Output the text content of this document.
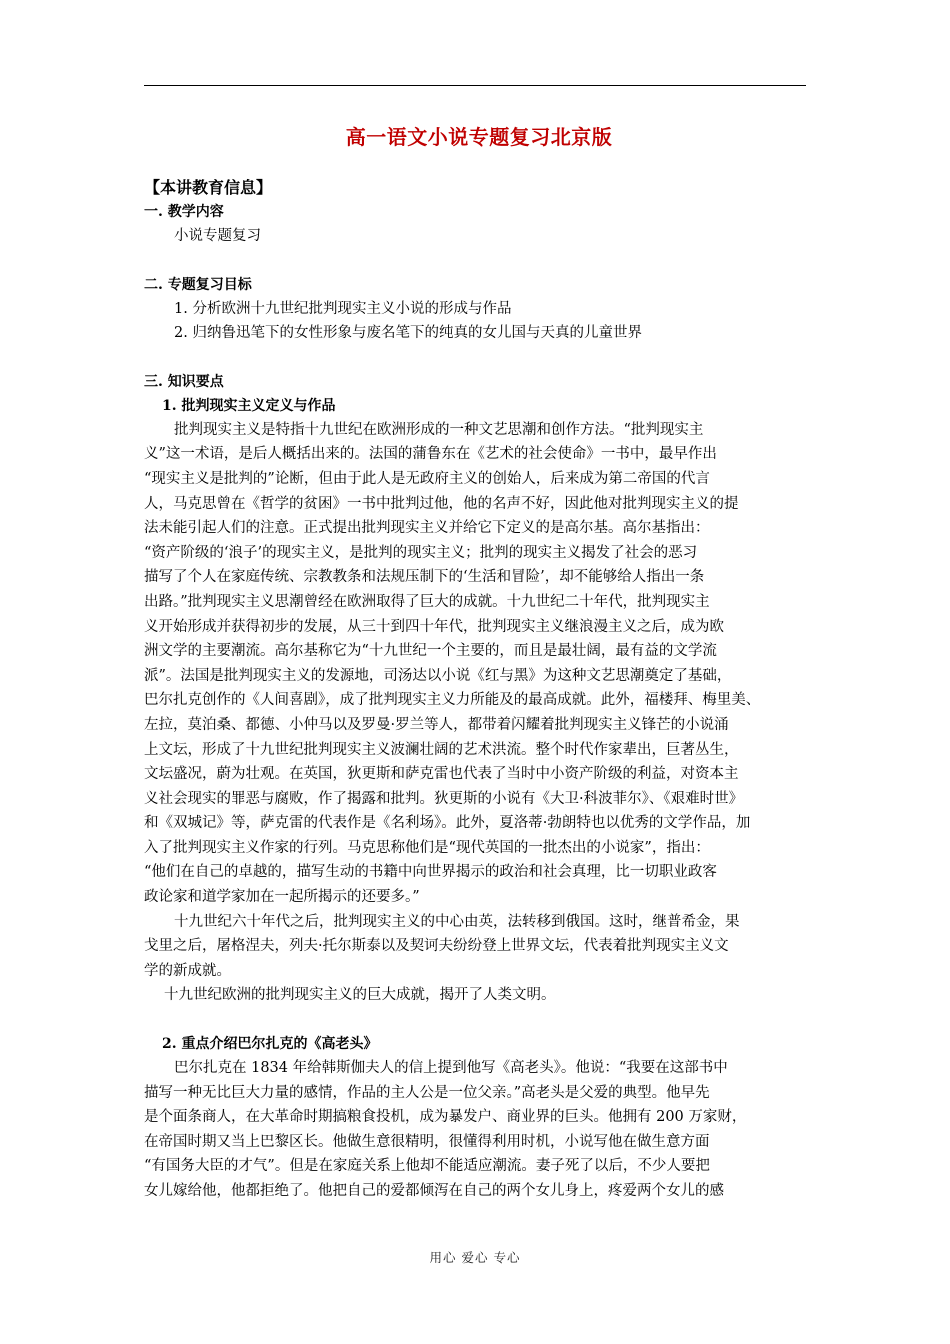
高一语文小说专题复习北京版
【本讲教育信息】
一. 教学内容
小说专题复习
二. 专题复习目标
1. 分析欧洲十九世纪批判现实主义小说的形成与作品
2. 归纳鲁迅笔下的女性形象与废名笔下的纯真的女儿国与天真的儿童世界
三. 知识要点
1. 批判现实主义定义与作品
批判现实主义是特指十九世纪在欧洲形成的一种文艺思潮和创作方法。“批判现实主
义”这一术语，是后人概括出来的。法国的蒲鲁东在《艺术的社会使命》一书中，最早作出
“现实主义是批判的”论断，但由于此人是无政府主义的创始人，后来成为第二帝国的代言
人，马克思曾在《哲学的贫困》一书中批判过他，他的名声不好，因此他对批判现实主义的提
法未能引起人们的注意。正式提出批判现实主义并给它下定义的是高尔基。高尔基指出：
“资产阶级的‘浪子’的现实主义，是批判的现实主义；批判的现实主义揭发了社会的恶习
描写了个人在家庭传统、宗教教条和法规压制下的‘生活和冒险’，却不能够给人指出一条
出路。”批判现实主义思潮曾经在欧洲取得了巨大的成就。十九世纪二十年代，批判现实主
义开始形成并获得初步的发展，从三十到四十年代，批判现实主义继浪漫主义之后，成为欧
洲文学的主要潮流。高尔基称它为“十九世纪一个主要的，而且是最壮阔，最有益的文学流
派”。法国是批判现实主义的发源地，司汤达以小说《红与黑》为这种文艺思潮奠定了基础，
巴尔扎克创作的《人间喜剧》，成了批判现实主义力所能及的最高成就。此外，福楼拜、梅里美、
左拉，莫泊桑、都德、小仲马以及罗曼·罗兰等人，都带着闪耀着批判现实主义锋芒的小说涌
上文坛，形成了十九世纪批判现实主义波澜壮阔的艺术洪流。整个时代作家辈出，巨著丛生，
文坛盛况，蔚为壮观。在英国，狄更斯和萨克雷也代表了当时中小资产阶级的利益，对资本主
义社会现实的罪恶与腐败，作了揭露和批判。狄更斯的小说有《大卫·科波菲尔》、《艰难时世》
和《双城记》等，萨克雷的代表作是《名利场》。此外，夏洛蒂·勃朗特也以优秀的文学作品，加
入了批判现实主义作家的行列。马克思称他们是“现代英国的一批杰出的小说家”，指出：
“他们在自己的卓越的，描写生动的书籍中向世界揭示的政治和社会真理，比一切职业政客
政论家和道学家加在一起所揭示的还要多。”
十九世纪六十年代之后，批判现实主义的中心由英，法转移到俄国。这时，继普希金，果
戈里之后，屠格涅夫，列夫·托尔斯泰以及契诃夫纷纷登上世界文坛，代表着批判现实主义文
学的新成就。
十九世纪欧洲的批判现实主义的巨大成就，揭开了人类文明。
2. 重点介绍巴尔扎克的《高老头》
巴尔扎克在 1834 年给韩斯伽夫人的信上提到他写《高老头》。他说：“我要在这部书中
描写一种无比巨大力量的感情，作品的主人公是一位父亲。”高老头是父爱的典型。他早先
是个面条商人，在大革命时期搞粮食投机，成为暴发户、商业界的巨头。他拥有 200 万家财，
在帝国时期又当上巴黎区长。他做生意很精明，很懂得利用时机，小说写他在做生意方面
“有国务大臣的才气”。但是在家庭关系上他却不能适应潮流。妻子死了以后，不少人要把
女儿嫁给他，他都拒绝了。他把自己的爱都倾泻在自己的两个女儿身上，疼爱两个女儿的感
用心 爱心 专心
